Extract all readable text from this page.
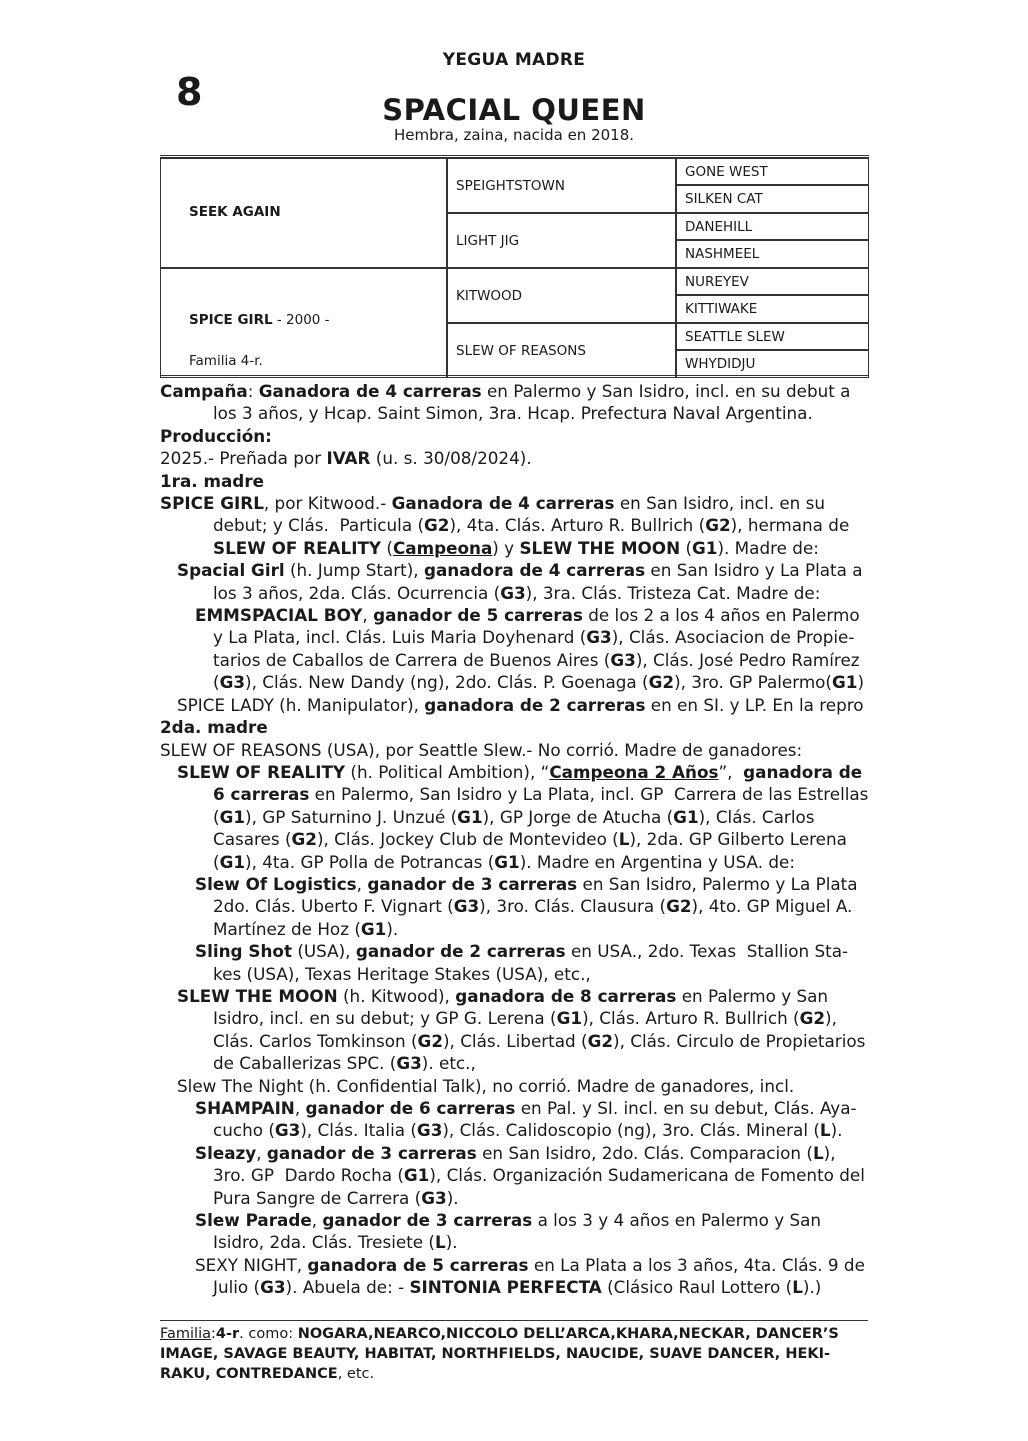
YEGUA MADRE
8	SPACIAL QUEEN
Hembra, zaina, nacida en 2018.
SEEK AGAIN
SPICE GIRL - 2000 -
Familia 4-r.
SPEIGHTSTOWN
LIGHT JIG
KITWOOD
SLEW OF REASONS
GONE WEST
SILKEN CAT
DANEHILL
NASHMEEL
NUREYEV
KITTIWAKE
SEATTLE SLEW
WHYDIDJU

Campaña: Ganadora de 4 carreras en Palermo y San Isidro, incl. en su debut a los 3 años, y Hcap. Saint Simon, 3ra. Hcap. Prefectura Naval Argentina.

Producción:

2025.- Preñada por IVAR (u. s. 30/08/2024).

1ra. madre

SPICE GIRL, por Kitwood.- Ganadora de 4 carreras en San Isidro, incl. en su debut; y Clás.  Particula (G2), 4ta. Clás. Arturo R. Bullrich (G2), hermana de SLEW OF REALITY (Campeona) y SLEW THE MOON (G1). Madre de:

Spacial Girl (h. Jump Start), ganadora de 4 carreras en San Isidro y La Plata a los 3 años, 2da. Clás. Ocurrencia (G3), 3ra. Clás. Tristeza Cat. Madre de:

EMMSPACIAL BOY, ganador de 5 carreras de los 2 a los 4 años en Palermo y La Plata, incl. Clás. Luis Maria Doyhenard (G3), Clás. Asociacion de Propie-tarios de Caballos de Carrera de Buenos Aires (G3), Clás. José Pedro Ramírez (G3), Clás. New Dandy (ng), 2do. Clás. P. Goenaga (G2), 3ro. GP Palermo(G1)

SPICE LADY (h. Manipulator), ganadora de 2 carreras en en SI. y LP. En la repro

2da. madre

SLEW OF REASONS (USA), por Seattle Slew.- No corrió. Madre de ganadores:

SLEW OF REALITY (h. Political Ambition), “Campeona 2 Años”,  ganadora de 6 carreras en Palermo, San Isidro y La Plata, incl. GP  Carrera de las Estrellas (G1), GP Saturnino J. Unzué (G1), GP Jorge de Atucha (G1), Clás. Carlos Casares (G2), Clás. Jockey Club de Montevideo (L), 2da. GP Gilberto Lerena (G1), 4ta. GP Polla de Potrancas (G1). Madre en Argentina y USA. de:

Slew Of Logistics, ganador de 3 carreras en San Isidro, Palermo y La Plata 2do. Clás. Uberto F. Vignart (G3), 3ro. Clás. Clausura (G2), 4to. GP Miguel A. Martínez de Hoz (G1).

Sling Shot (USA), ganador de 2 carreras en USA., 2do. Texas  Stallion Sta-kes (USA), Texas Heritage Stakes (USA), etc.,

SLEW THE MOON (h. Kitwood), ganadora de 8 carreras en Palermo y San Isidro, incl. en su debut; y GP G. Lerena (G1), Clás. Arturo R. Bullrich (G2), Clás. Carlos Tomkinson (G2), Clás. Libertad (G2), Clás. Circulo de Propietarios de Caballerizas SPC. (G3). etc.,

Slew The Night (h. Confidential Talk), no corrió. Madre de ganadores, incl.

SHAMPAIN, ganador de 6 carreras en Pal. y SI. incl. en su debut, Clás. Aya-cucho (G3), Clás. Italia (G3), Clás. Calidoscopio (ng), 3ro. Clás. Mineral (L).

Sleazy, ganador de 3 carreras en San Isidro, 2do. Clás. Comparacion (L), 3ro. GP  Dardo Rocha (G1), Clás. Organización Sudamericana de Fomento del Pura Sangre de Carrera (G3).

Slew Parade, ganador de 3 carreras a los 3 y 4 años en Palermo y San Isidro, 2da. Clás. Tresiete (L).

SEXY NIGHT, ganadora de 5 carreras en La Plata a los 3 años, 4ta. Clás. 9 de Julio (G3). Abuela de: - SINTONIA PERFECTA (Clásico Raul Lottero (L).)

Familia:4-r. como: NOGARA,NEARCO,NICCOLO DELL’ARCA,KHARA,NECKAR, DANCER’S IMAGE, SAVAGE BEAUTY, HABITAT, NORTHFIELDS, NAUCIDE, SUAVE DANCER, HEKI-RAKU, CONTREDANCE, etc.
